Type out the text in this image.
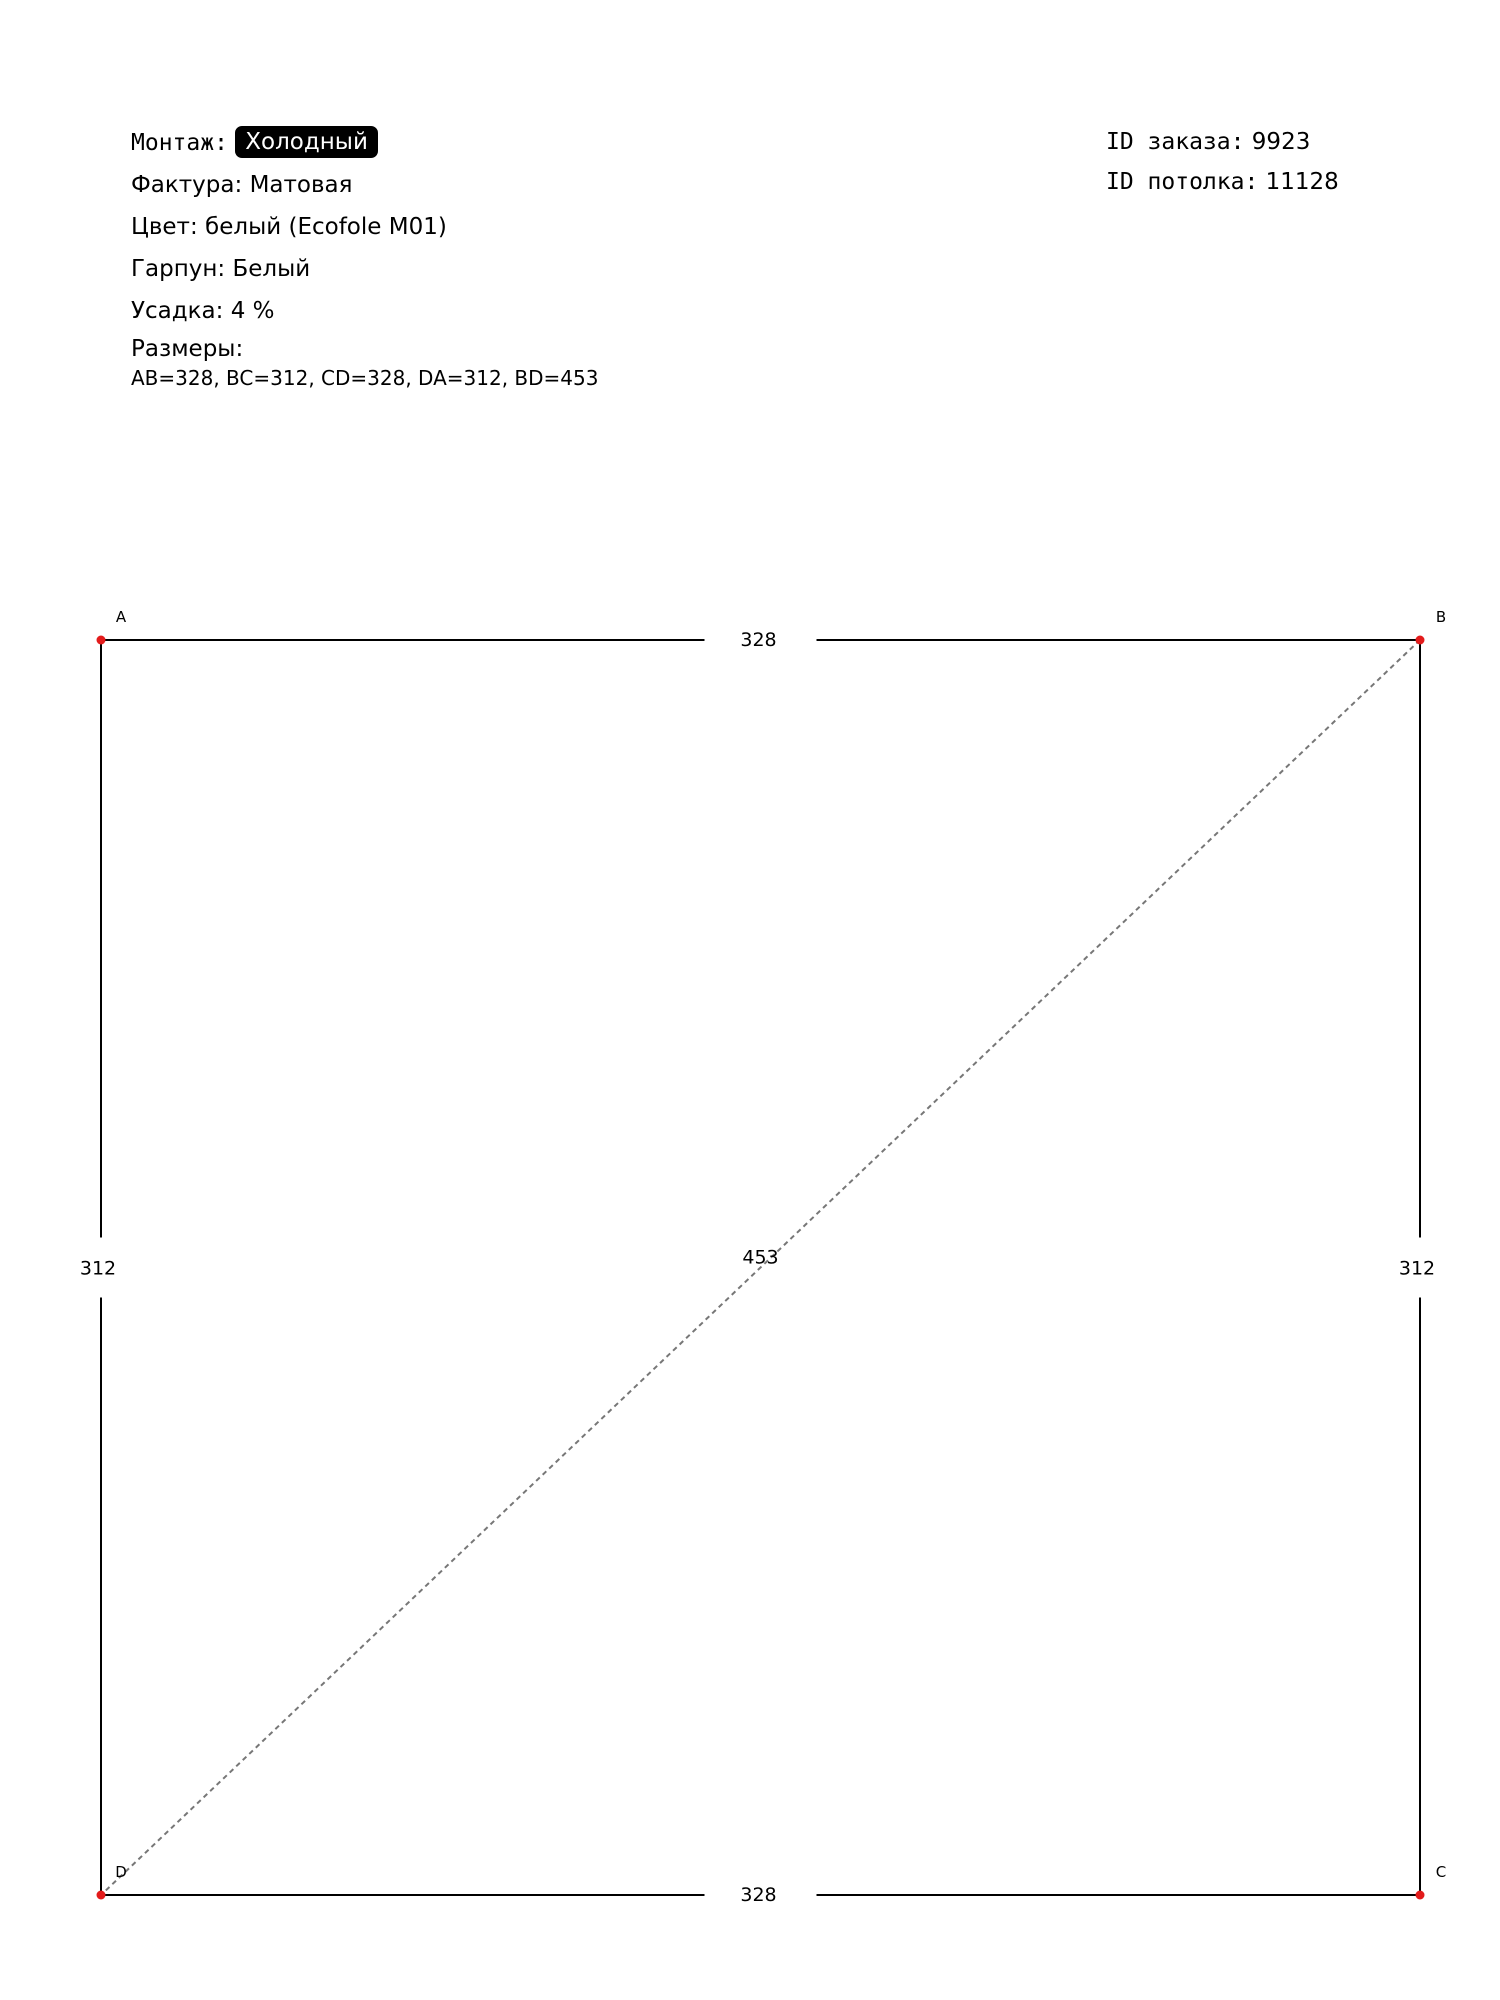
Монтаж: Холодный
Фактура: Матовая
Цвет: белый (Ecofole M01)
Гарпун: Белый
Усадка: 4 %
Размеры:
AB=328, BC=312, CD=328, DA=312, BD=453
ID заказа: 9923
ID потолка: 11128
453
328
312
328
312
A	B
C
D
